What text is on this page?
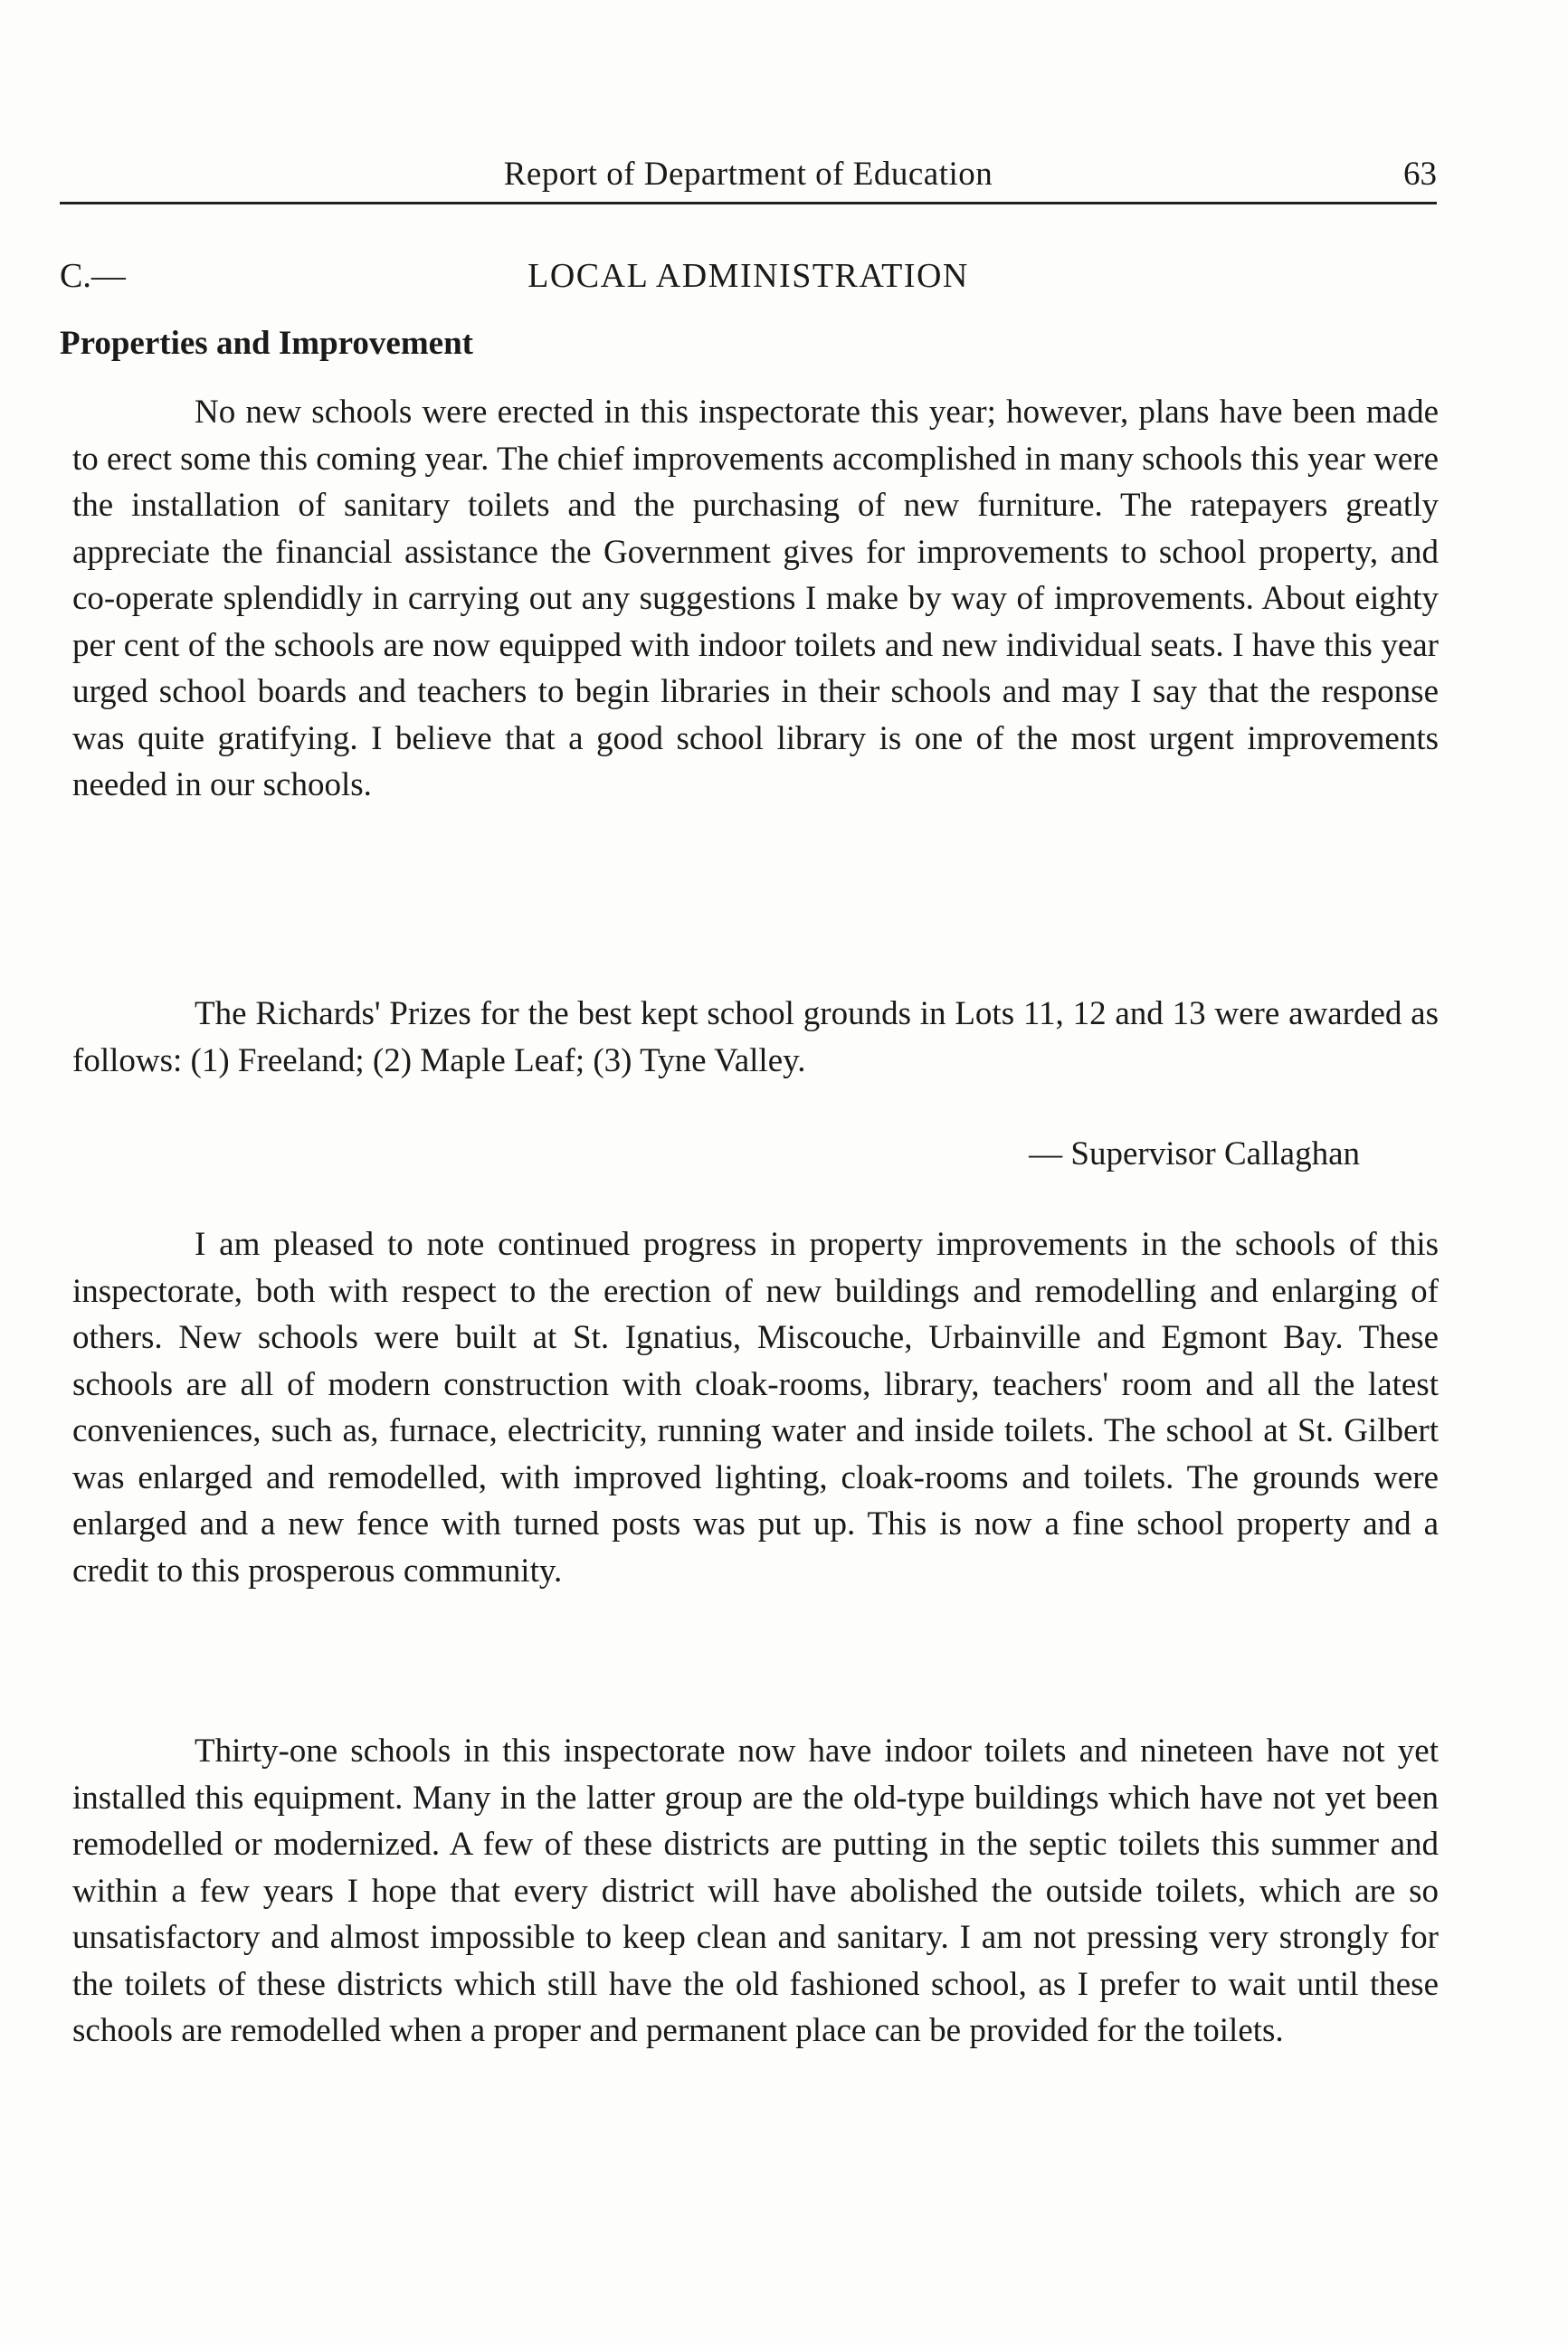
Report of Department of Education	63
C.—	LOCAL ADMINISTRATION
Properties and Improvement

No new schools were erected in this inspectorate this year; however, plans have been made to erect some this coming year. The chief improvements accomplished in many schools this year were the installation of sanitary toilets and the purchasing of new furniture. The ratepayers greatly appreciate the financial assistance the Government gives for improvements to school property, and co-operate splendidly in carrying out any suggestions I make by way of improvements. About eighty per cent of the schools are now equipped with indoor toilets and new individual seats. I have this year urged school boards and teachers to begin libraries in their schools and may I say that the response was quite gratifying. I believe that a good school library is one of the most urgent improvements needed in our schools.

The Richards' Prizes for the best kept school grounds in Lots 11, 12 and 13 were awarded as follows: (1) Freeland; (2) Maple Leaf; (3) Tyne Valley.

— Supervisor Callaghan

I am pleased to note continued progress in property improvements in the schools of this inspectorate, both with respect to the erection of new buildings and remodelling and enlarging of others. New schools were built at St. Ignatius, Miscouche, Urbainville and Egmont Bay. These schools are all of modern construction with cloak-rooms, library, teachers' room and all the latest conveniences, such as, furnace, electricity, running water and inside toilets. The school at St. Gilbert was enlarged and remodelled, with improved lighting, cloak-rooms and toilets. The grounds were enlarged and a new fence with turned posts was put up. This is now a fine school property and a credit to this prosperous community.

Thirty-one schools in this inspectorate now have indoor toilets and nineteen have not yet installed this equipment. Many in the latter group are the old-type buildings which have not yet been remodelled or modernized. A few of these districts are putting in the septic toilets this summer and within a few years I hope that every district will have abolished the outside toilets, which are so unsatisfactory and almost impossible to keep clean and sanitary. I am not pressing very strongly for the toilets of these districts which still have the old fashioned school, as I prefer to wait until these schools are remodelled when a proper and permanent place can be provided for the toilets.
